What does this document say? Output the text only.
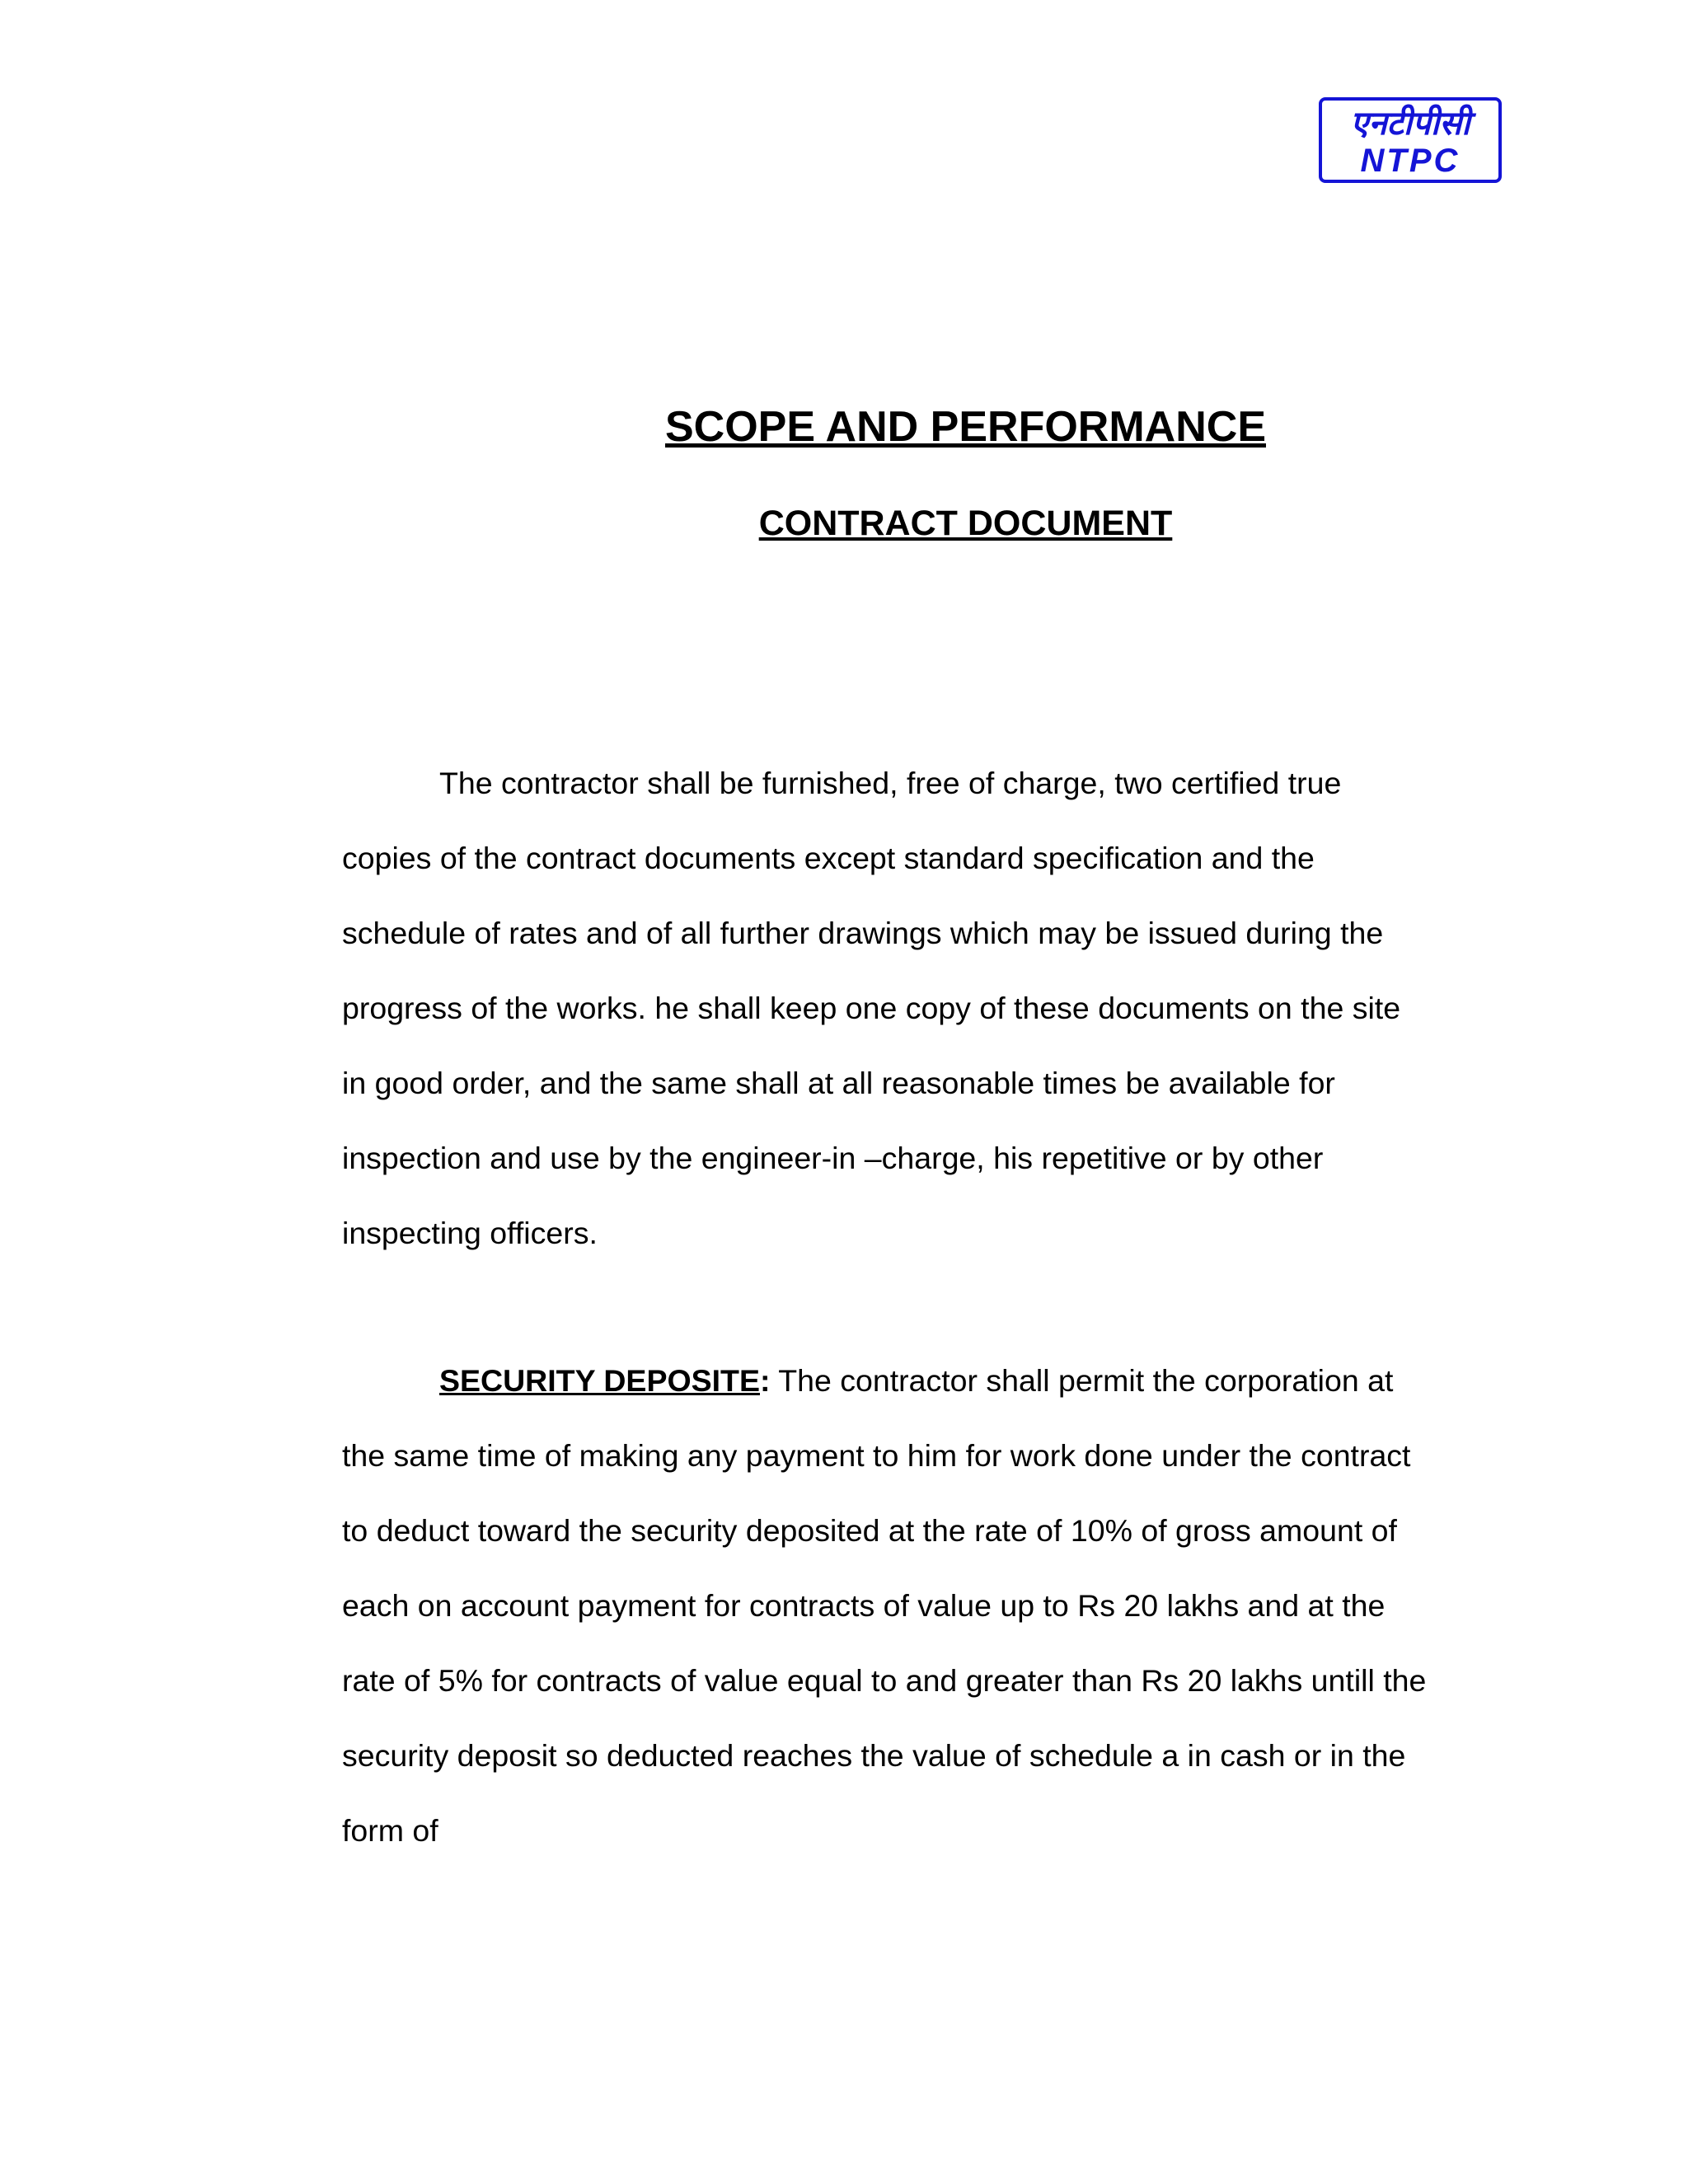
एनटीपीसी
NTPC
SCOPE AND PERFORMANCE
CONTRACT DOCUMENT
The contractor shall be furnished, free of charge, two certified true
copies of the contract documents except standard specification and the
schedule of rates and of all further drawings which may be issued during the
progress of the works. he shall keep one copy of these documents on the site
in good order, and the same shall at all reasonable times be available for
inspection and use by the engineer-in –charge, his repetitive or by other
inspecting officers.
SECURITY DEPOSITE: The contractor shall permit the corporation at
the same time of making any payment to him for work done under the contract
to deduct toward the security deposited at the rate of 10% of gross amount of
each on account payment for contracts of value up to Rs 20 lakhs and at the
rate of 5% for contracts of value equal to and greater than Rs 20 lakhs untill the
security deposit so deducted reaches the value of schedule a in cash or in the
form of
